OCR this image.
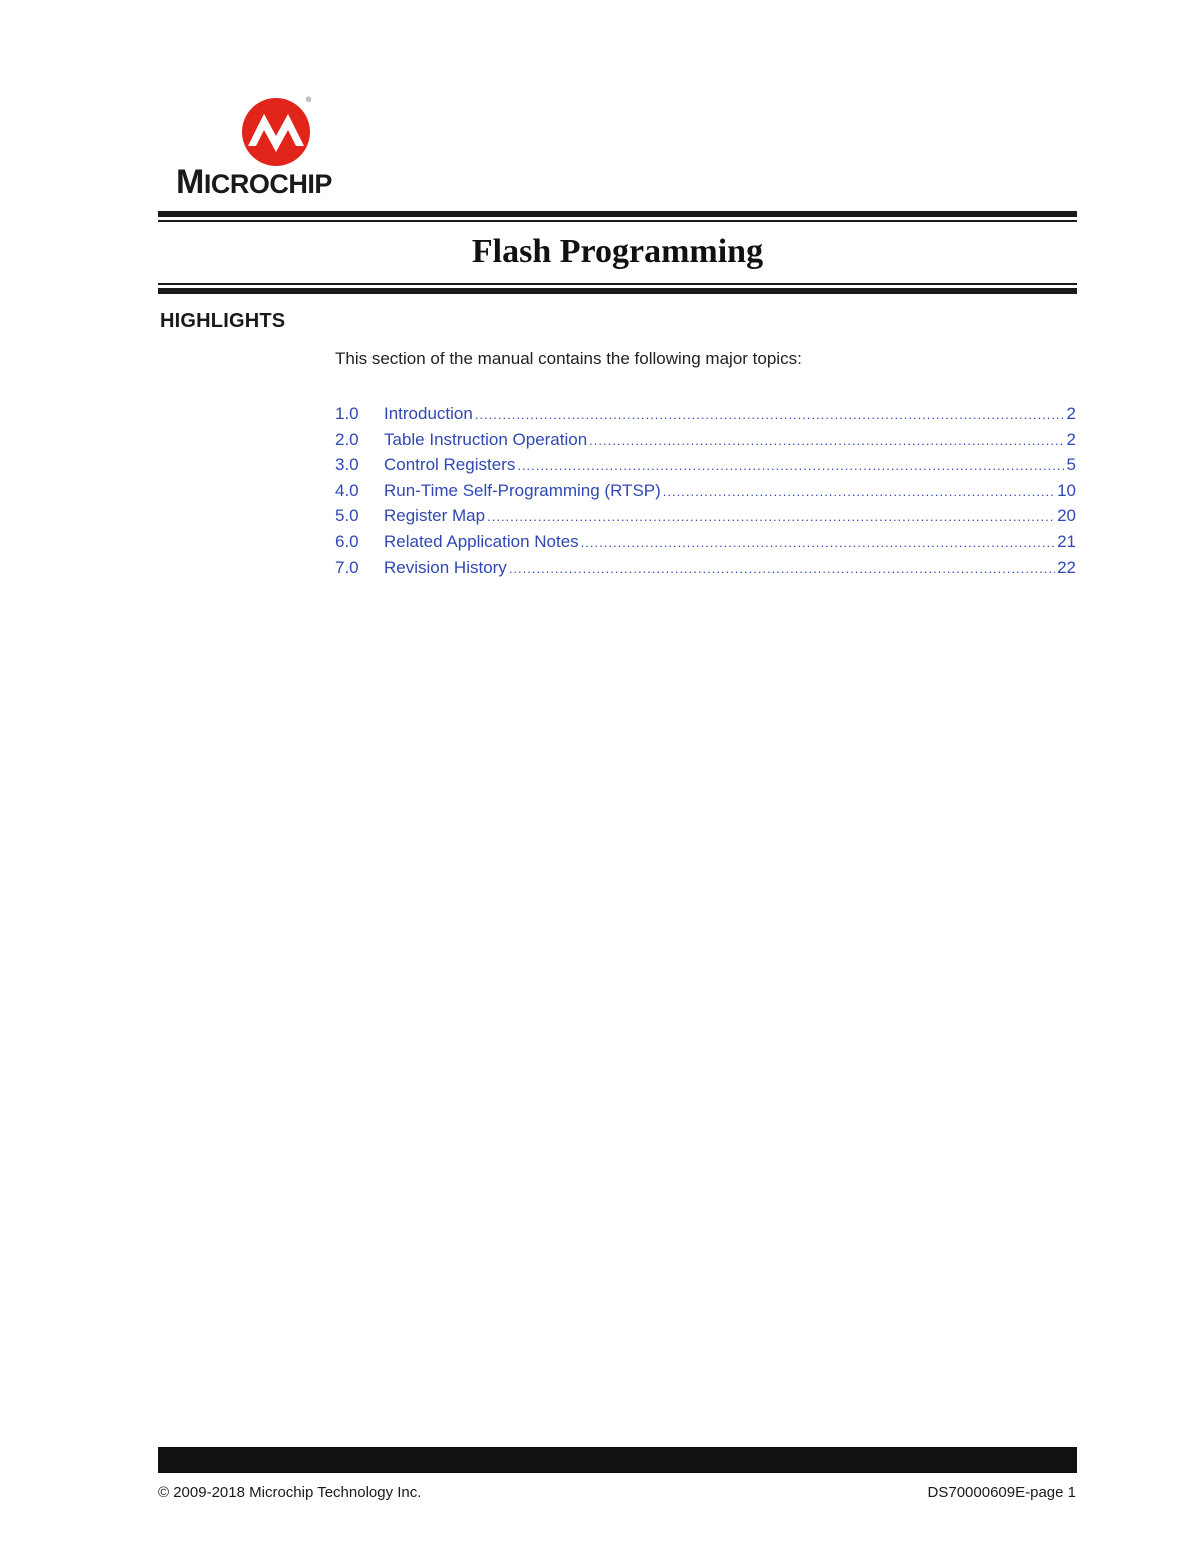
®
MICROCHIP
Flash Programming
HIGHLIGHTS
This section of the manual contains the following major topics:
1.0	Introduction .....	2
2.0	Table Instruction Operation .....	2
3.0	Control Registers .....	5
4.0	Run-Time Self-Programming (RTSP) .....	10
5.0	Register Map .....	20
6.0	Related Application Notes .....	21
7.0	Revision History .....	22
© 2009-2018 Microchip Technology Inc.	DS70000609E-page 1
